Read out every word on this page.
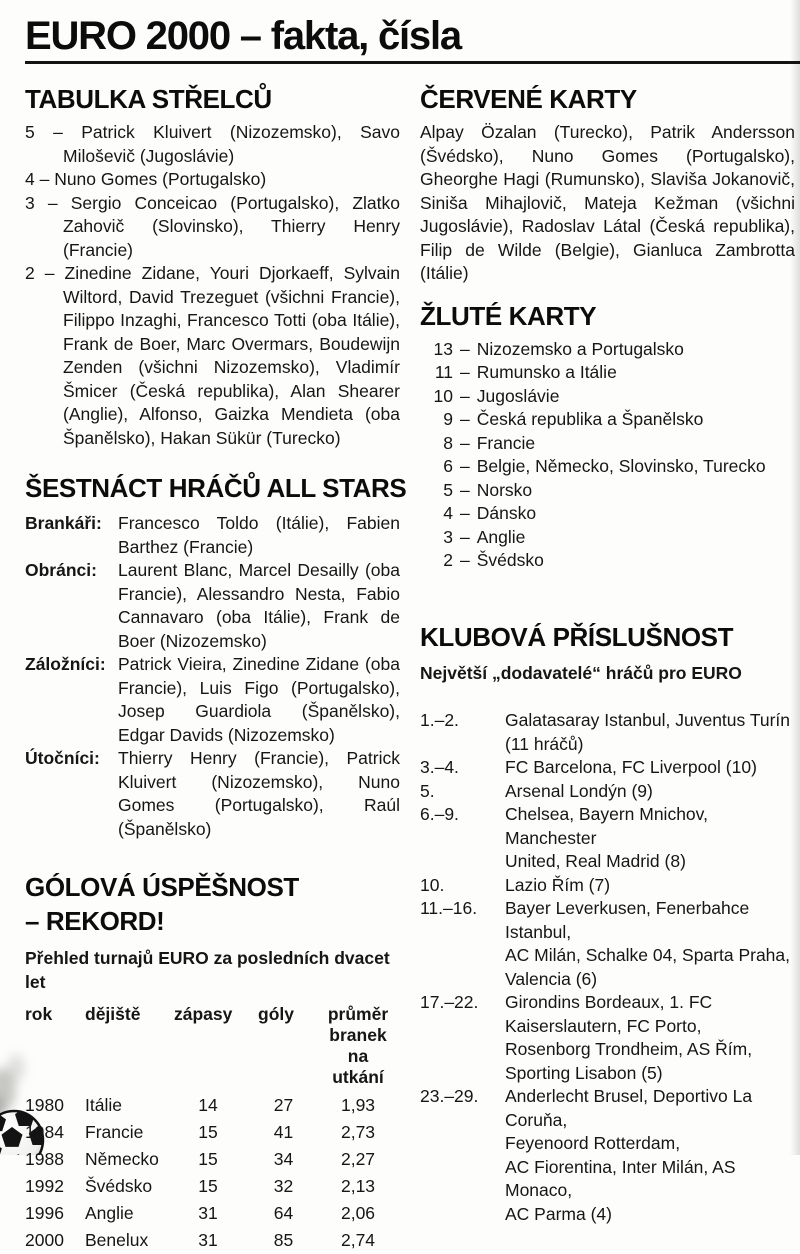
EURO 2000 – fakta, čísla
TABULKA STŘELCŮ
5 – Patrick Kluivert (Nizozemsko), Savo Miloševič (Jugoslávie)
4 – Nuno Gomes (Portugalsko)
3 – Sergio Conceicao (Portugalsko), Zlatko Zahovič (Slovinsko), Thierry Henry (Francie)
2 – Zinedine Zidane, Youri Djorkaeff, Sylvain Wiltord, David Trezeguet (všichni Francie), Filippo Inzaghi, Francesco Totti (oba Itálie), Frank de Boer, Marc Overmars, Boudewijn Zenden (všichni Nizozemsko), Vladimír Šmicer (Česká republika), Alan Shearer (Anglie), Alfonso, Gaizka Mendieta (oba Španělsko), Hakan Sükür (Turecko)
ŠESTNÁCT HRÁČŮ ALL STARS
Brankáři: Francesco Toldo (Itálie), Fabien Barthez (Francie)
Obránci:	Laurent Blanc, Marcel Desailly (oba Francie), Alessandro Nesta, Fabio Cannavaro (oba Itálie), Frank de Boer (Nizozemsko)
Záložníci: Patrick Vieira, Zinedine Zidane (oba Francie), Luis Figo (Portugalsko), Josep Guardiola (Španělsko), Edgar Davids (Nizozemsko)
Útočníci:	Thierry Henry (Francie), Patrick Kluivert (Nizozemsko), Nuno Gomes (Portugalsko), Raúl (Španělsko)
GÓLOVÁ ÚSPĚŠNOST
– REKORD!
Přehled turnajů EURO za posledních dvacet let
rok	dějiště	zápasy	góly	průměr
branek
na utkání
1980	Itálie	14	27	1,93
1984	Francie	15	41	2,73
1988	Německo	15	34	2,27
1992	Švédsko	15	32	2,13
1996	Anglie	31	64	2,06
2000	Benelux	31	85	2,74
ČERVENÉ KARTY
Alpay Özalan (Turecko), Patrik Andersson (Švédsko), Nuno Gomes (Portugalsko), Gheorghe Hagi (Rumunsko), Slaviša Jokanovič, Siniša Mihajlovič, Mateja Kežman (všichni Jugoslávie), Radoslav Látal (Česká republika), Filip de Wilde (Belgie), Gianluca Zambrotta (Itálie)
ŽLUTÉ KARTY
13 – Nizozemsko a Portugalsko
11 – Rumunsko a Itálie
10 – Jugoslávie
9 – Česká republika a Španělsko
8 – Francie
6 – Belgie, Německo, Slovinsko, Turecko
5 – Norsko
4 – Dánsko
3 – Anglie
2 – Švédsko
KLUBOVÁ PŘÍSLUŠNOST
Největší „dodavatelé“ hráčů pro EURO
1.–2.	Galatasaray Istanbul, Juventus Turín
(11 hráčů)
3.–4.	FC Barcelona, FC Liverpool (10)
5.	Arsenal Londýn (9)
6.–9.	Chelsea, Bayern Mnichov, Manchester
United, Real Madrid (8)
10.	Lazio Řím (7)
11.–16.	Bayer Leverkusen, Fenerbahce Istanbul,
AC Milán, Schalke 04, Sparta Praha,
Valencia (6)
17.–22.	Girondins Bordeaux, 1. FC
Kaiserslautern, FC Porto,
Rosenborg Trondheim, AS Řím,
Sporting Lisabon (5)
23.–29.	Anderlecht Brusel, Deportivo La Coruňa,
Feyenoord Rotterdam,
AC Fiorentina, Inter Milán, AS Monaco,
AC Parma (4)
